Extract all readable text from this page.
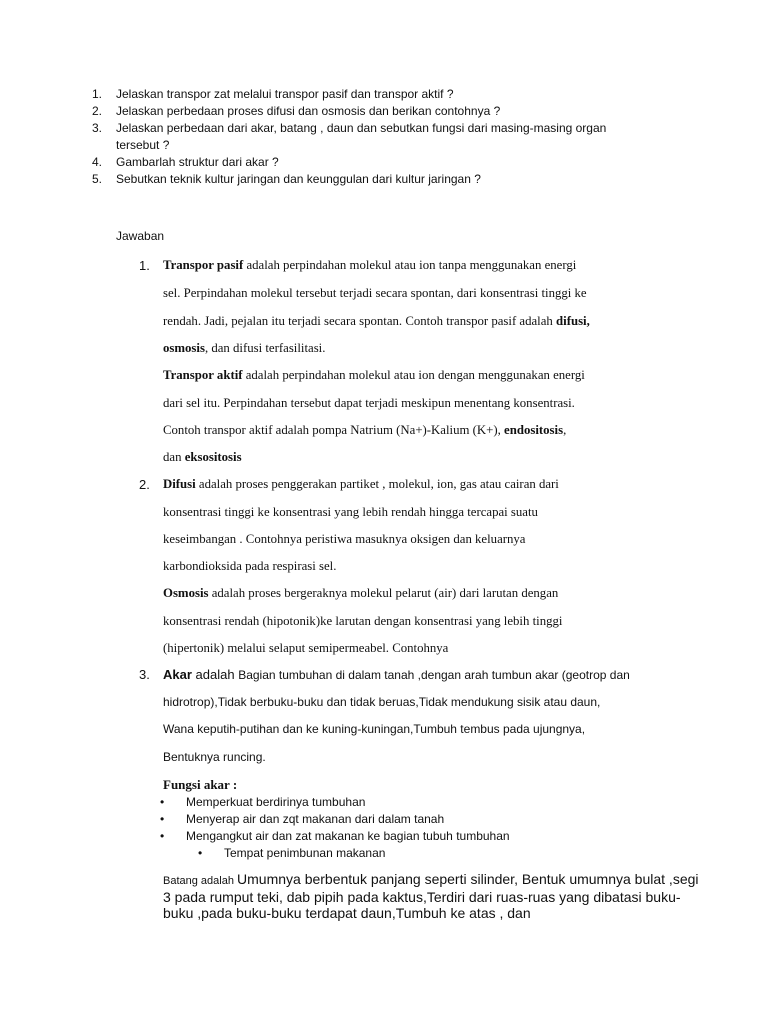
1.	Jelaskan transpor zat melalui transpor pasif dan transpor aktif ?
2.	Jelaskan perbedaan proses difusi dan osmosis dan berikan contohnya ?
3.	Jelaskan perbedaan dari akar, batang , daun dan sebutkan fungsi dari masing-masing organ tersebut ?
4.	Gambarlah struktur dari akar ?
5.	Sebutkan teknik kultur jaringan dan keunggulan dari kultur jaringan ?
Jawaban
1. Transpor pasif adalah perpindahan molekul atau ion tanpa menggunakan energi
sel. Perpindahan molekul tersebut terjadi secara spontan, dari konsentrasi tinggi ke
rendah. Jadi, pejalan itu terjadi secara spontan. Contoh transpor pasif adalah difusi,
osmosis, dan difusi terfasilitasi.
Transpor aktif adalah perpindahan molekul atau ion dengan menggunakan energi
dari sel itu. Perpindahan tersebut dapat terjadi meskipun menentang konsentrasi.
Contoh transpor aktif adalah pompa Natrium (Na+)-Kalium (K+), endositosis,
dan eksositosis
2. Difusi adalah proses penggerakan partiket , molekul, ion, gas atau cairan dari
konsentrasi tinggi ke konsentrasi yang lebih rendah hingga tercapai suatu
keseimbangan . Contohnya peristiwa masuknya oksigen dan keluarnya
karbondioksida pada respirasi sel.
Osmosis adalah proses bergeraknya molekul pelarut (air) dari larutan dengan
konsentrasi rendah (hipotonik)ke larutan dengan konsentrasi yang lebih tinggi
(hipertonik) melalui selaput semipermeabel. Contohnya
3. Akar adalah Bagian tumbuhan di dalam tanah ,dengan arah tumbun akar (geotrop dan
hidrotrop),Tidak berbuku-buku dan tidak beruas,Tidak mendukung sisik atau daun,
Wana keputih-putihan dan ke kuning-kuningan,Tumbuh tembus pada ujungnya,
Bentuknya runcing.
Fungsi akar :
•	Memperkuat berdirinya tumbuhan
•	Menyerap air dan zqt makanan dari dalam tanah
•	Mengangkut air dan zat makanan ke bagian tubuh tumbuhan
•	Tempat penimbunan makanan
Batang adalah Umumnya berbentuk panjang seperti silinder, Bentuk umumnya bulat ,segi 3 pada rumput teki, dab pipih pada kaktus,Terdiri dari ruas-ruas yang dibatasi buku-buku ,pada buku-buku terdapat daun,Tumbuh ke atas , dan
